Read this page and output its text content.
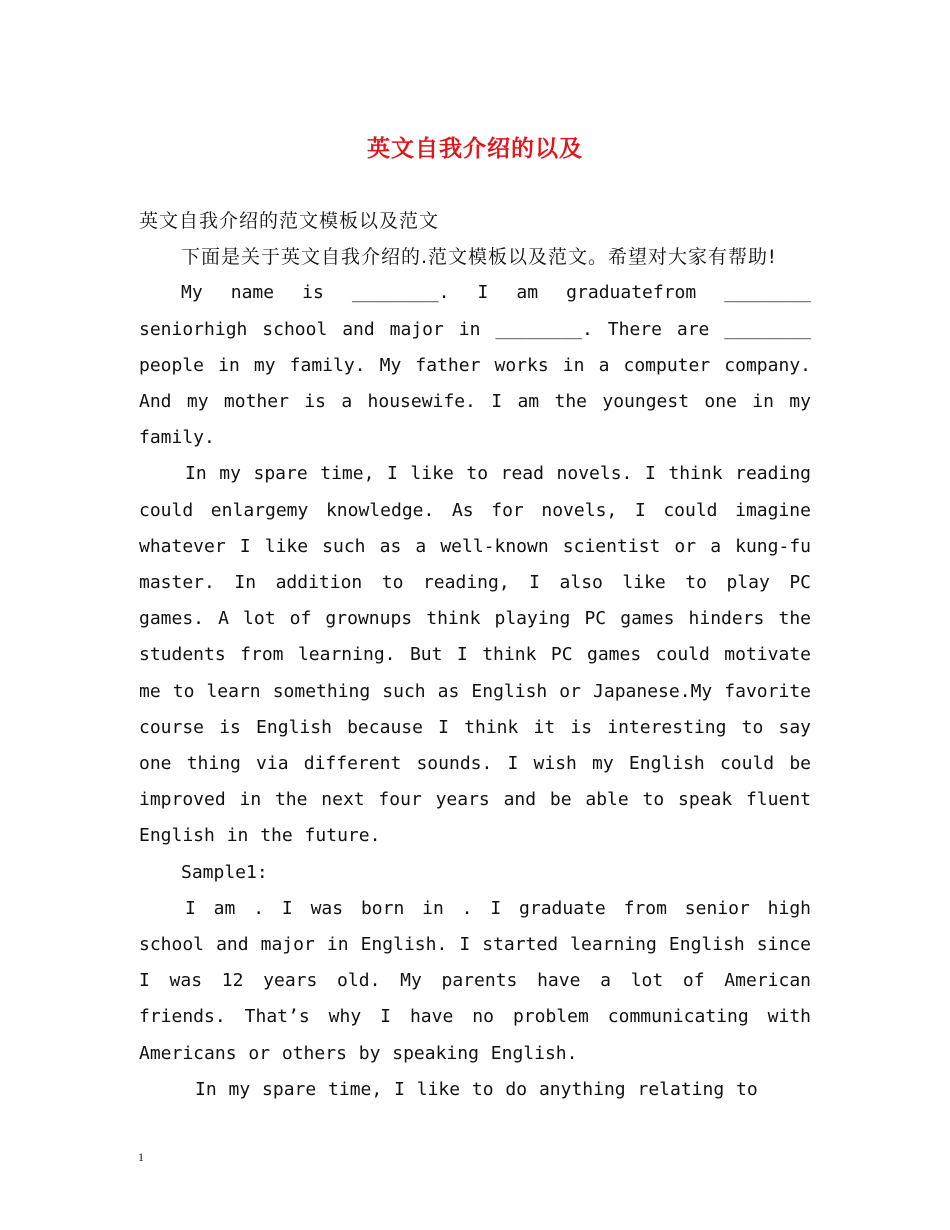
英文自我介绍的以及

英文自我介绍的范文模板以及范文

下面是关于英文自我介绍的.范文模板以及范文。希望对大家有帮助!

My name is ________. I am graduatefrom ________ seniorhigh school and major in ________. There are ________ people in my family. My father works in a computer company. And my mother is a housewife. I am the youngest one in my family.

In my spare time, I like to read novels. I think reading could enlargemy knowledge. As for novels, I could imagine whatever I like such as a well-known scientist or a kung-fu master. In addition to reading, I also like to play PC games. A lot of grownups think playing PC games hinders the students from learning. But I think PC games could motivate me to learn something such as English or Japanese.My favorite course is English because I think it is interesting to say one thing via different sounds. I wish my English could be improved in the next four years and be able to speak fluent English in the future.

Sample1:

I am . I was born in . I graduate from senior high school and major in English. I started learning English since I was 12 years old. My parents have a lot of American friends. That’s why I have no problem communicating with Americans or others by speaking English.

In my spare time, I like to do anything relating to

1
